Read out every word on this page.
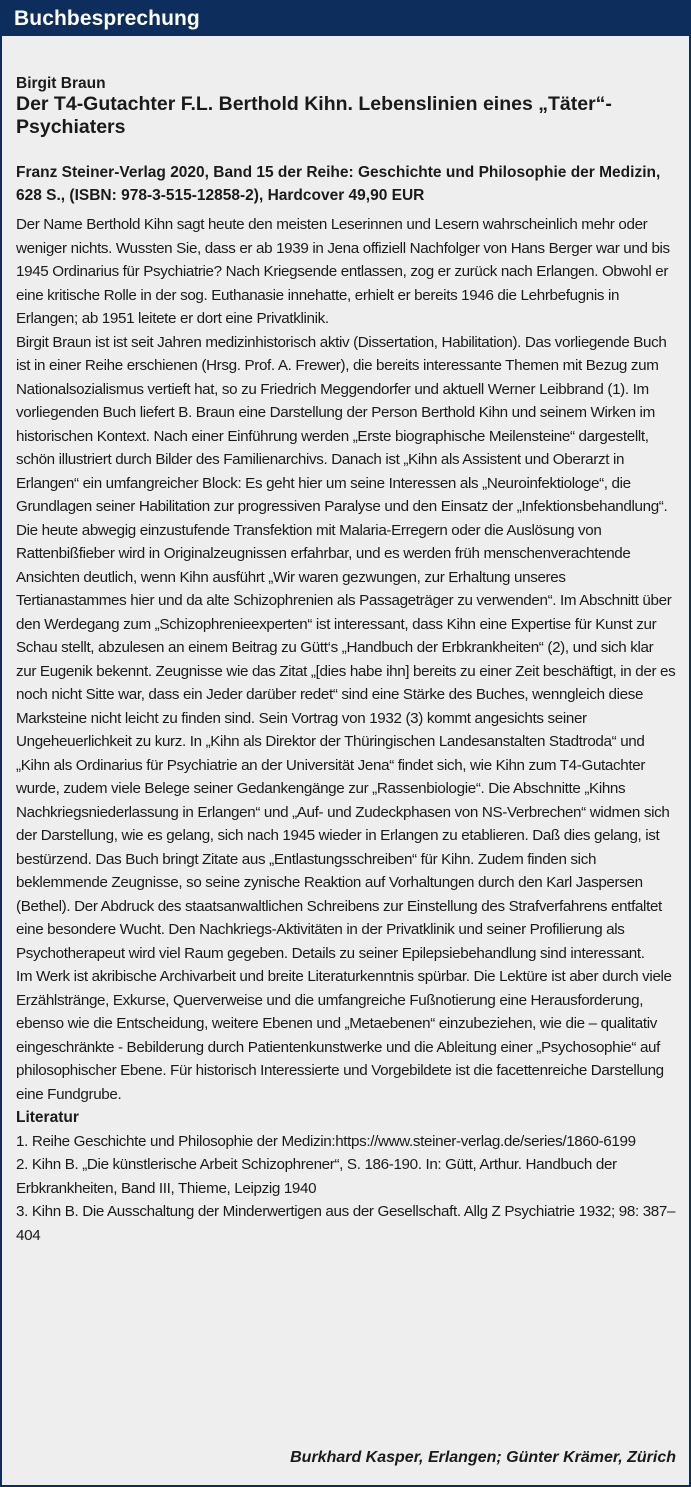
Buchbesprechung
Birgit Braun
Der T4-Gutachter F.L. Berthold Kihn. Lebenslinien eines „Täter“-Psychiaters
Franz Steiner-Verlag 2020, Band 15 der Reihe: Geschichte und Philosophie der Medizin, 628 S., (ISBN: 978-3-515-12858-2), Hardcover 49,90 EUR

Der Name Berthold Kihn sagt heute den meisten Leserinnen und Lesern wahrscheinlich mehr oder weniger nichts. Wussten Sie, dass er ab 1939 in Jena offiziell Nachfolger von Hans Berger war und bis 1945 Ordinarius für Psychiatrie? Nach Kriegsende entlassen, zog er zurück nach Erlangen. Obwohl er eine kritische Rolle in der sog. Euthanasie innehatte, erhielt er bereits 1946 die Lehrbefugnis in Erlangen; ab 1951 leitete er dort eine Privatklinik.

Birgit Braun ist ist seit Jahren medizinhistorisch aktiv (Dissertation, Habilitation). Das vorliegende Buch ist in einer Reihe erschienen (Hrsg. Prof. A. Frewer), die bereits interessante Themen mit Bezug zum Nationalsozialismus vertieft hat, so zu Friedrich Meggendorfer und aktuell Werner Leibbrand (1). Im vorliegenden Buch liefert B. Braun eine Darstellung der Person Berthold Kihn und seinem Wirken im historischen Kontext. Nach einer Einführung werden „Erste biographische Meilensteine“ dargestellt, schön illustriert durch Bilder des Familienarchivs. Danach ist „Kihn als Assistent und Oberarzt in Erlangen“ ein umfangreicher Block: Es geht hier um seine Interessen als „Neuroinfektiologe“, die Grundlagen seiner Habilitation zur progressiven Paralyse und den Einsatz der „Infektionsbehandlung“. Die heute abwegig einzustufende Transfektion mit Malaria-Erregern oder die Auslösung von Rattenbißfieber wird in Originalzeugnissen erfahrbar, und es werden früh menschenverachtende Ansichten deutlich, wenn Kihn ausführt „Wir waren gezwungen, zur Erhaltung unseres Tertianastammes hier und da alte Schizophrenien als Passageträger zu verwenden“. Im Abschnitt über den Werdegang zum „Schizophrenieexperten“ ist interessant, dass Kihn eine Expertise für Kunst zur Schau stellt, abzulesen an einem Beitrag zu Gütt‘s „Handbuch der Erbkrankheiten“ (2), und sich klar zur Eugenik bekennt. Zeugnisse wie das Zitat „[dies habe ihn] bereits zu einer Zeit beschäftigt, in der es noch nicht Sitte war, dass ein Jeder darüber redet“ sind eine Stärke des Buches, wenngleich diese Marksteine nicht leicht zu finden sind. Sein Vortrag von 1932 (3) kommt angesichts seiner Ungeheuerlichkeit zu kurz. In „Kihn als Direktor der Thüringischen Landesanstalten Stadtroda“ und „Kihn als Ordinarius für Psychiatrie an der Universität Jena“ findet sich, wie Kihn zum T4-Gutachter wurde, zudem viele Belege seiner Gedankengänge zur „Rassenbiologie“. Die Abschnitte „Kihns Nachkriegsniederlassung in Erlangen“ und „Auf- und Zudeckphasen von NS-Verbrechen“ widmen sich der Darstellung, wie es gelang, sich nach 1945 wieder in Erlangen zu etablieren. Daß dies gelang, ist bestürzend. Das Buch bringt Zitate aus „Entlastungsschreiben“ für Kihn. Zudem finden sich beklemmende Zeugnisse, so seine zynische Reaktion auf Vorhaltungen durch den Karl Jaspersen (Bethel). Der Abdruck des staatsanwaltlichen Schreibens zur Einstellung des Strafverfahrens entfaltet eine besondere Wucht. Den Nachkriegs-Aktivitäten in der Privatklinik und seiner Profilierung als Psychotherapeut wird viel Raum gegeben. Details zu seiner Epilepsiebehandlung sind interessant.

Im Werk ist akribische Archivarbeit und breite Literaturkenntnis spürbar. Die Lektüre ist aber durch viele Erzählstränge, Exkurse, Querverweise und die umfangreiche Fußnotierung eine Herausforderung, ebenso wie die Entscheidung, weitere Ebenen und „Metaebenen“ einzubeziehen, wie die – qualitativ eingeschränkte - Bebilderung durch Patientenkunstwerke und die Ableitung einer „Psychosophie“ auf philosophischer Ebene. Für historisch Interessierte und Vorgebildete ist die facettenreiche Darstellung eine Fundgrube.

Literatur
1. Reihe Geschichte und Philosophie der Medizin:https://www.steiner-verlag.de/series/1860-6199
2. Kihn B. „Die künstlerische Arbeit Schizophrener“, S. 186-190. In: Gütt, Arthur. Handbuch der Erbkrankheiten, Band III, Thieme, Leipzig 1940
3. Kihn B. Die Ausschaltung der Minderwertigen aus der Gesellschaft. Allg Z Psychiatrie 1932; 98: 387–404
Burkhard Kasper, Erlangen; Günter Krämer, Zürich
